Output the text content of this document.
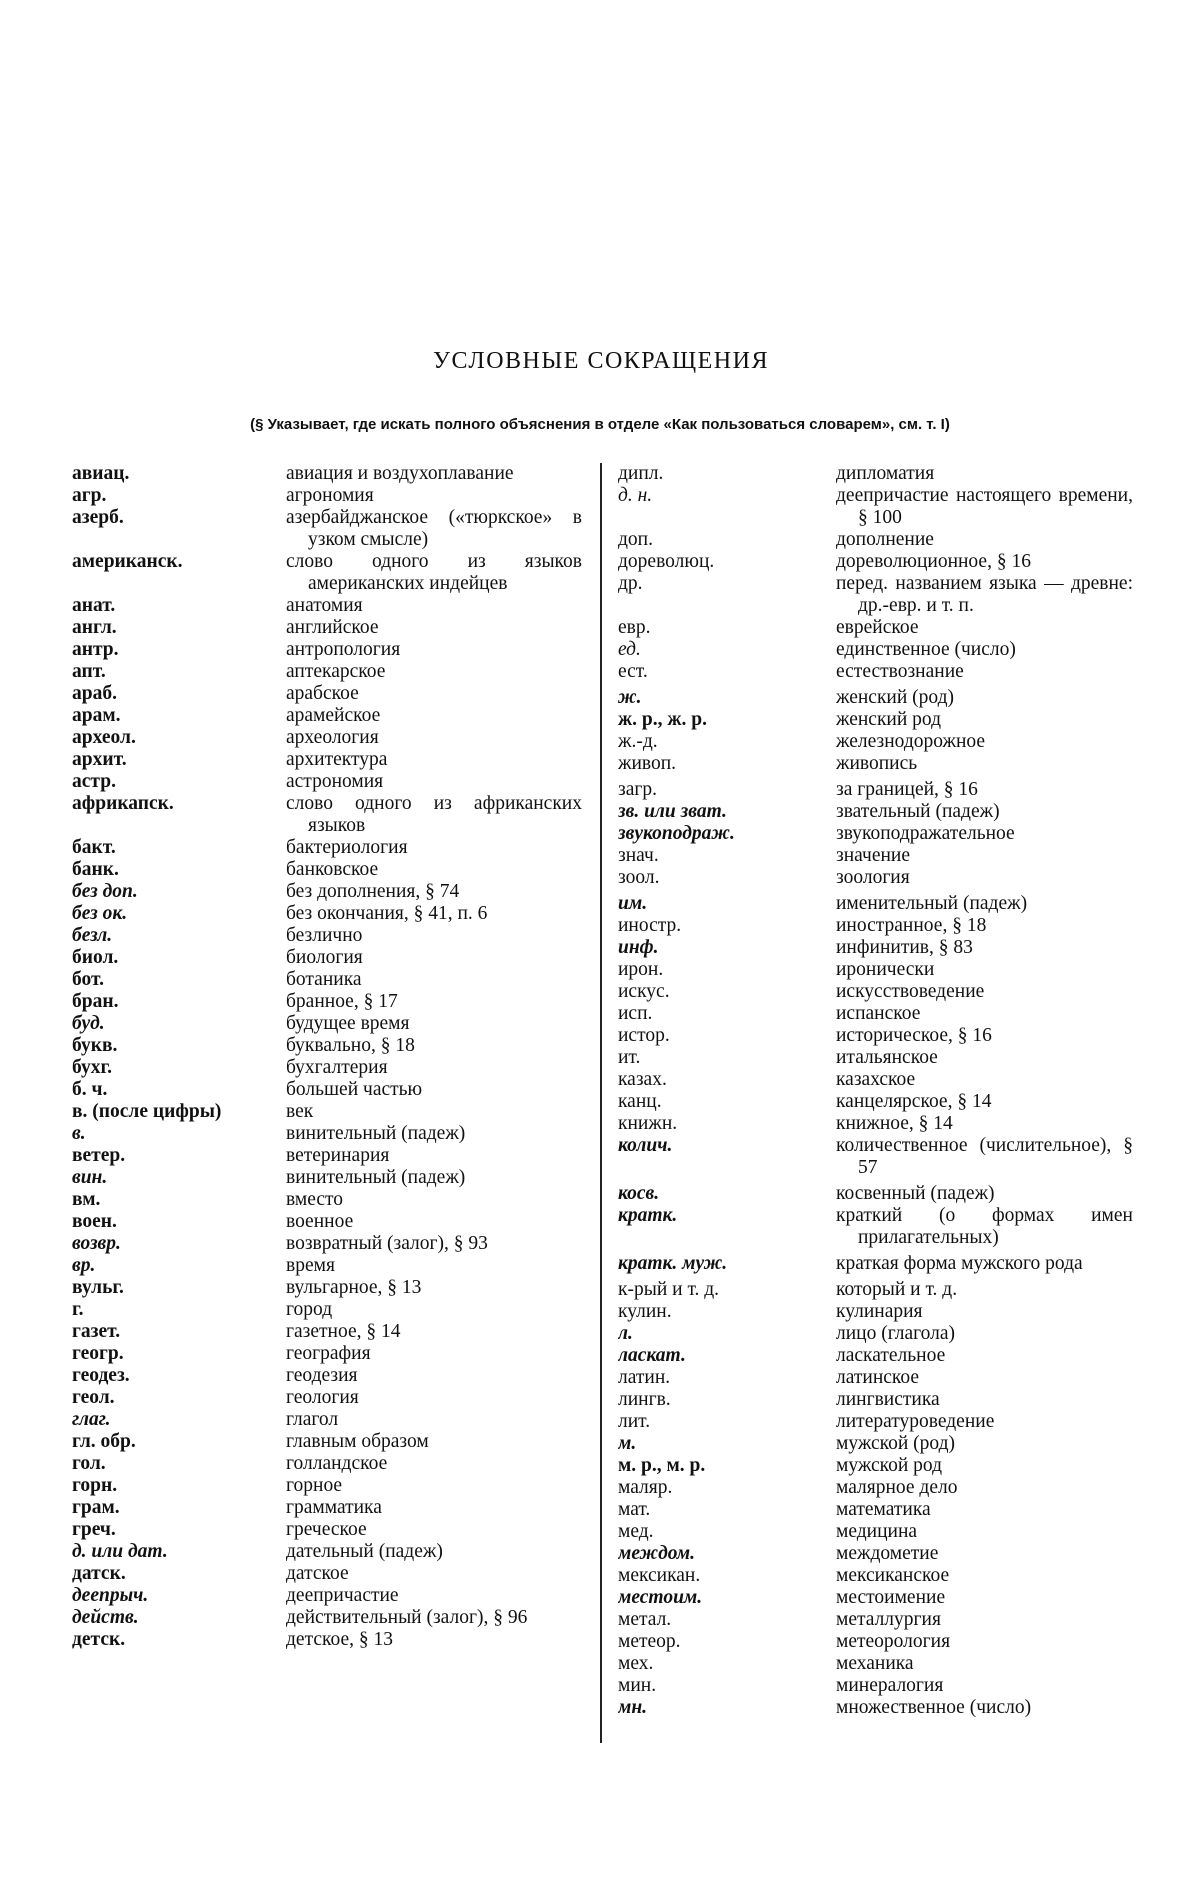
УСЛОВНЫЕ СОКРАЩЕНИЯ

(§ Указывает, где искать полного объяснения в отделе «Как пользоваться словарем», см. т. I)

авиац.	авиация и воздухоплавание
агр.	агрономия
азерб.	азербайджанское («тюркское» в узком смысле)
американск.	слово одного из языков американских индейцев
анат.	анатомия
англ.	английское
антр.	антропология
апт.	аптекарское
араб.	арабское
арам.	арамейское
археол.	археология
архит.	архитектура
астр.	астрономия
африкапск.	слово одного из африканских языков
бакт.	бактериология
банк.	банковское
без доп.	без дополнения, § 74
без ок.	без окончания, § 41, п. 6
безл.	безлично
биол.	биология
бот.	ботаника
бран.	бранное, § 17
буд.	будущее время
букв.	буквально, § 18
бухг.	бухгалтерия
б. ч.	большей частью
в. (после цифры)	век
в.	винительный (падеж)
ветер.	ветеринария
вин.	винительный (падеж)
вм.	вместо
воен.	военное
возвр.	возвратный (залог), § 93
вр.	время
вульг.	вульгарное, § 13
г.	город
газет.	газетное, § 14
геогр.	география
геодез.	геодезия
геол.	геология
глаг.	глагол
гл. обр.	главным образом
гол.	голландское
горн.	горное
грам.	грамматика
греч.	греческое
д. или дат.	дательный (падеж)
датск.	датское
деепрыч.	деепричастие
действ.	действительный (залог), § 96
детск.	детское, § 13
дипл.	дипломатия
д. н.	деепричастие настоящего времени, § 100
доп.	дополнение
дореволюц.	дореволюционное, § 16
др.	перед. названием языка — древне: др.-евр. и т. п.
евр.	еврейское
ед.	единственное (число)
ест.	естествознание
ж.	женский (род)
ж. р., ж. р.	женский род
ж.-д.	железнодорожное
живоп.	живопись
загр.	за границей, § 16
зв. или зват.	звательный (падеж)
звукоподраж.	звукоподражательное
знач.	значение
зоол.	зоология
им.	именительный (падеж)
иностр.	иностранное, § 18
инф.	инфинитив, § 83
ирон.	иронически
искус.	искусствоведение
исп.	испанское
истор.	историческое, § 16
ит.	итальянское
казах.	казахское
канц.	канцелярское, § 14
книжн.	книжное, § 14
колич.	количественное (числительное), § 57
косв.	косвенный (падеж)
кратк.	краткий (о формах имен прилагательных)
кратк. муж.	краткая форма мужского рода
к-рый и т. д.	который и т. д.
кулин.	кулинария
л.	лицо (глагола)
ласкат.	ласкательное
латин.	латинское
лингв.	лингвистика
лит.	литературоведение
м.	мужской (род)
м. р., м. р.	мужской род
маляр.	малярное дело
мат.	математика
мед.	медицина
междом.	междометие
мексикан.	мексиканское
местоим.	местоимение
метал.	металлургия
метеор.	метеорология
мех.	механика
мин.	минералогия
мн.	множественное (число)
